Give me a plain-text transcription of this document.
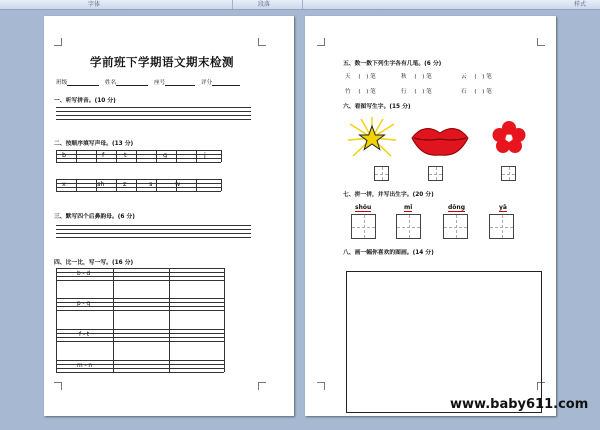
字体	段落	样式
学前班下学期语文期末检测
班级	姓名	座号	评分
一、听写拼音。(10 分)
二、按顺序填写声母。(13 分)
b	f	t	g	j
x	sh	z	s	w
三、默写四个后鼻韵母。(6 分)
四、比一比，写一写。(16 分)
b - d
p - q
f - t
m - n
五、数一数下列生字各有几笔。(6 分)
天 (　) 笔	秋 (　) 笔	云 (　) 笔
竹 (　) 笔	行 (　) 笔	石 (　) 笔
六、看图写生字。(15 分)
七、拼一拼，并写出生字。(20 分)
shǒu	mǐ	dōng	yā
八、画一幅你喜欢的图画。(14 分)
www.baby611.com
